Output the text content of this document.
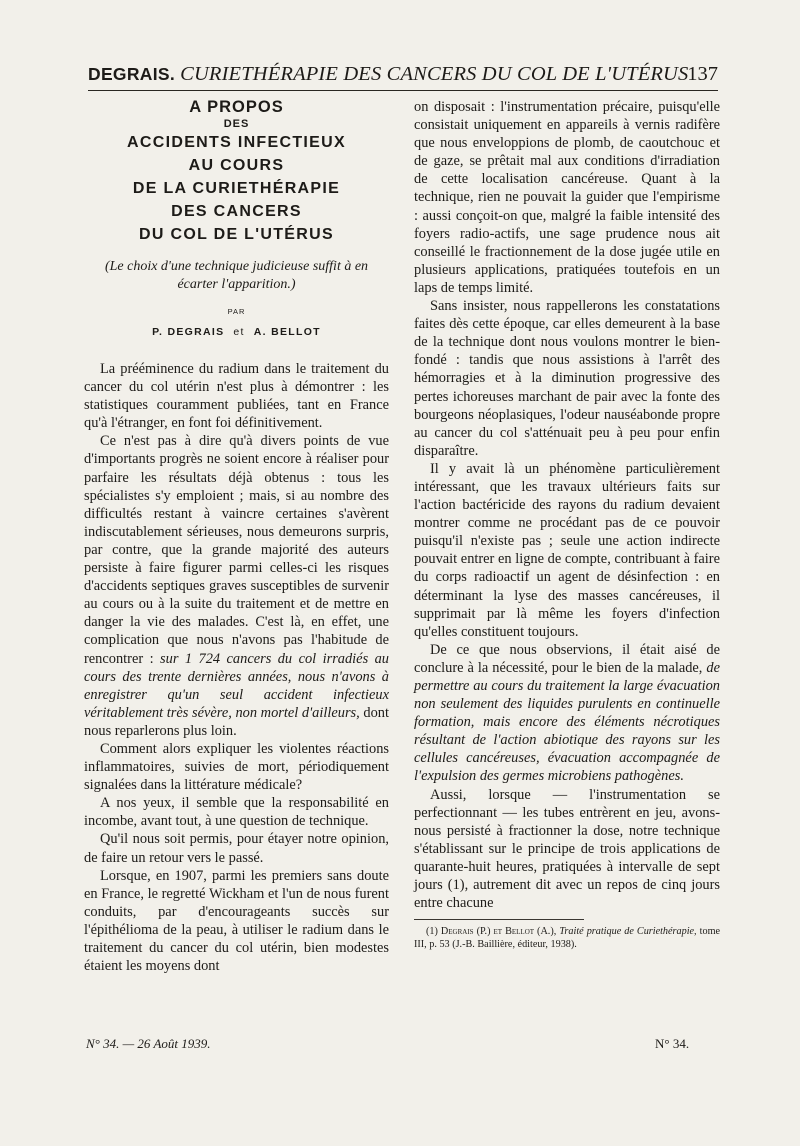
DEGRAIS. CURIETHÉRAPIE DES CANCERS DU COL DE L'UTÉRUS
137
A PROPOS
DES
ACCIDENTS INFECTIEUX
AU COURS
DE LA CURIETHÉRAPIE
DES CANCERS
DU COL DE L'UTÉRUS
(Le choix d'une technique judicieuse suffit à en écarter l'apparition.)
PAR
P. DEGRAIS et A. BELLOT

La prééminence du radium dans le traitement du cancer du col utérin n'est plus à démontrer : les statistiques couramment publiées, tant en France qu'à l'étranger, en font foi définitivement.

Ce n'est pas à dire qu'à divers points de vue d'importants progrès ne soient encore à réaliser pour parfaire les résultats déjà obtenus : tous les spécialistes s'y emploient ; mais, si au nombre des difficultés restant à vaincre certaines s'avèrent indiscutablement sérieuses, nous demeurons surpris, par contre, que la grande majorité des auteurs persiste à faire figurer parmi celles-ci les risques d'accidents septiques graves susceptibles de survenir au cours ou à la suite du traitement et de mettre en danger la vie des malades. C'est là, en effet, une complication que nous n'avons pas l'habitude de rencontrer : sur 1 724 cancers du col irradiés au cours des trente dernières années, nous n'avons à enregistrer qu'un seul accident infectieux véritablement très sévère, non mortel d'ailleurs, dont nous reparlerons plus loin.

Comment alors expliquer les violentes réactions inflammatoires, suivies de mort, périodiquement signalées dans la littérature médicale?

A nos yeux, il semble que la responsabilité en incombe, avant tout, à une question de technique.

Qu'il nous soit permis, pour étayer notre opinion, de faire un retour vers le passé.

Lorsque, en 1907, parmi les premiers sans doute en France, le regretté Wickham et l'un de nous furent conduits, par d'encourageants succès sur l'épithélioma de la peau, à utiliser le radium dans le traitement du cancer du col utérin, bien modestes étaient les moyens dont

on disposait : l'instrumentation précaire, puisqu'elle consistait uniquement en appareils à vernis radifère que nous enveloppions de plomb, de caoutchouc et de gaze, se prêtait mal aux conditions d'irradiation de cette localisation cancéreuse. Quant à la technique, rien ne pouvait la guider que l'empirisme : aussi conçoit-on que, malgré la faible intensité des foyers radio-actifs, une sage prudence nous ait conseillé le fractionnement de la dose jugée utile en plusieurs applications, pratiquées toutefois en un laps de temps limité.

Sans insister, nous rappellerons les constatations faites dès cette époque, car elles demeurent à la base de la technique dont nous voulons montrer le bien-fondé : tandis que nous assistions à l'arrêt des hémorragies et à la diminution progressive des pertes ichoreuses marchant de pair avec la fonte des bourgeons néoplasiques, l'odeur nauséabonde propre au cancer du col s'atténuait peu à peu pour enfin disparaître.

Il y avait là un phénomène particulièrement intéressant, que les travaux ultérieurs faits sur l'action bactéricide des rayons du radium devaient montrer comme ne procédant pas de ce pouvoir puisqu'il n'existe pas ; seule une action indirecte pouvait entrer en ligne de compte, contribuant à faire du corps radioactif un agent de désinfection : en déterminant la lyse des masses cancéreuses, il supprimait par là même les foyers d'infection qu'elles constituent toujours.

De ce que nous observions, il était aisé de conclure à la nécessité, pour le bien de la malade, de permettre au cours du traitement la large évacuation non seulement des liquides purulents en continuelle formation, mais encore des éléments nécrotiques résultant de l'action abiotique des rayons sur les cellules cancéreuses, évacuation accompagnée de l'expulsion des germes microbiens pathogènes.

Aussi, lorsque — l'instrumentation se perfectionnant — les tubes entrèrent en jeu, avons-nous persisté à fractionner la dose, notre technique s'établissant sur le principe de trois applications de quarante-huit heures, pratiquées à intervalle de sept jours (1), autrement dit avec un repos de cinq jours entre chacune

(1) Degrais (P.) et Bellot (A.), Traité pratique de Curiethérapie, tome III, p. 53 (J.-B. Baillière, éditeur, 1938).
N° 34. — 26 Août 1939.	N° 34.
